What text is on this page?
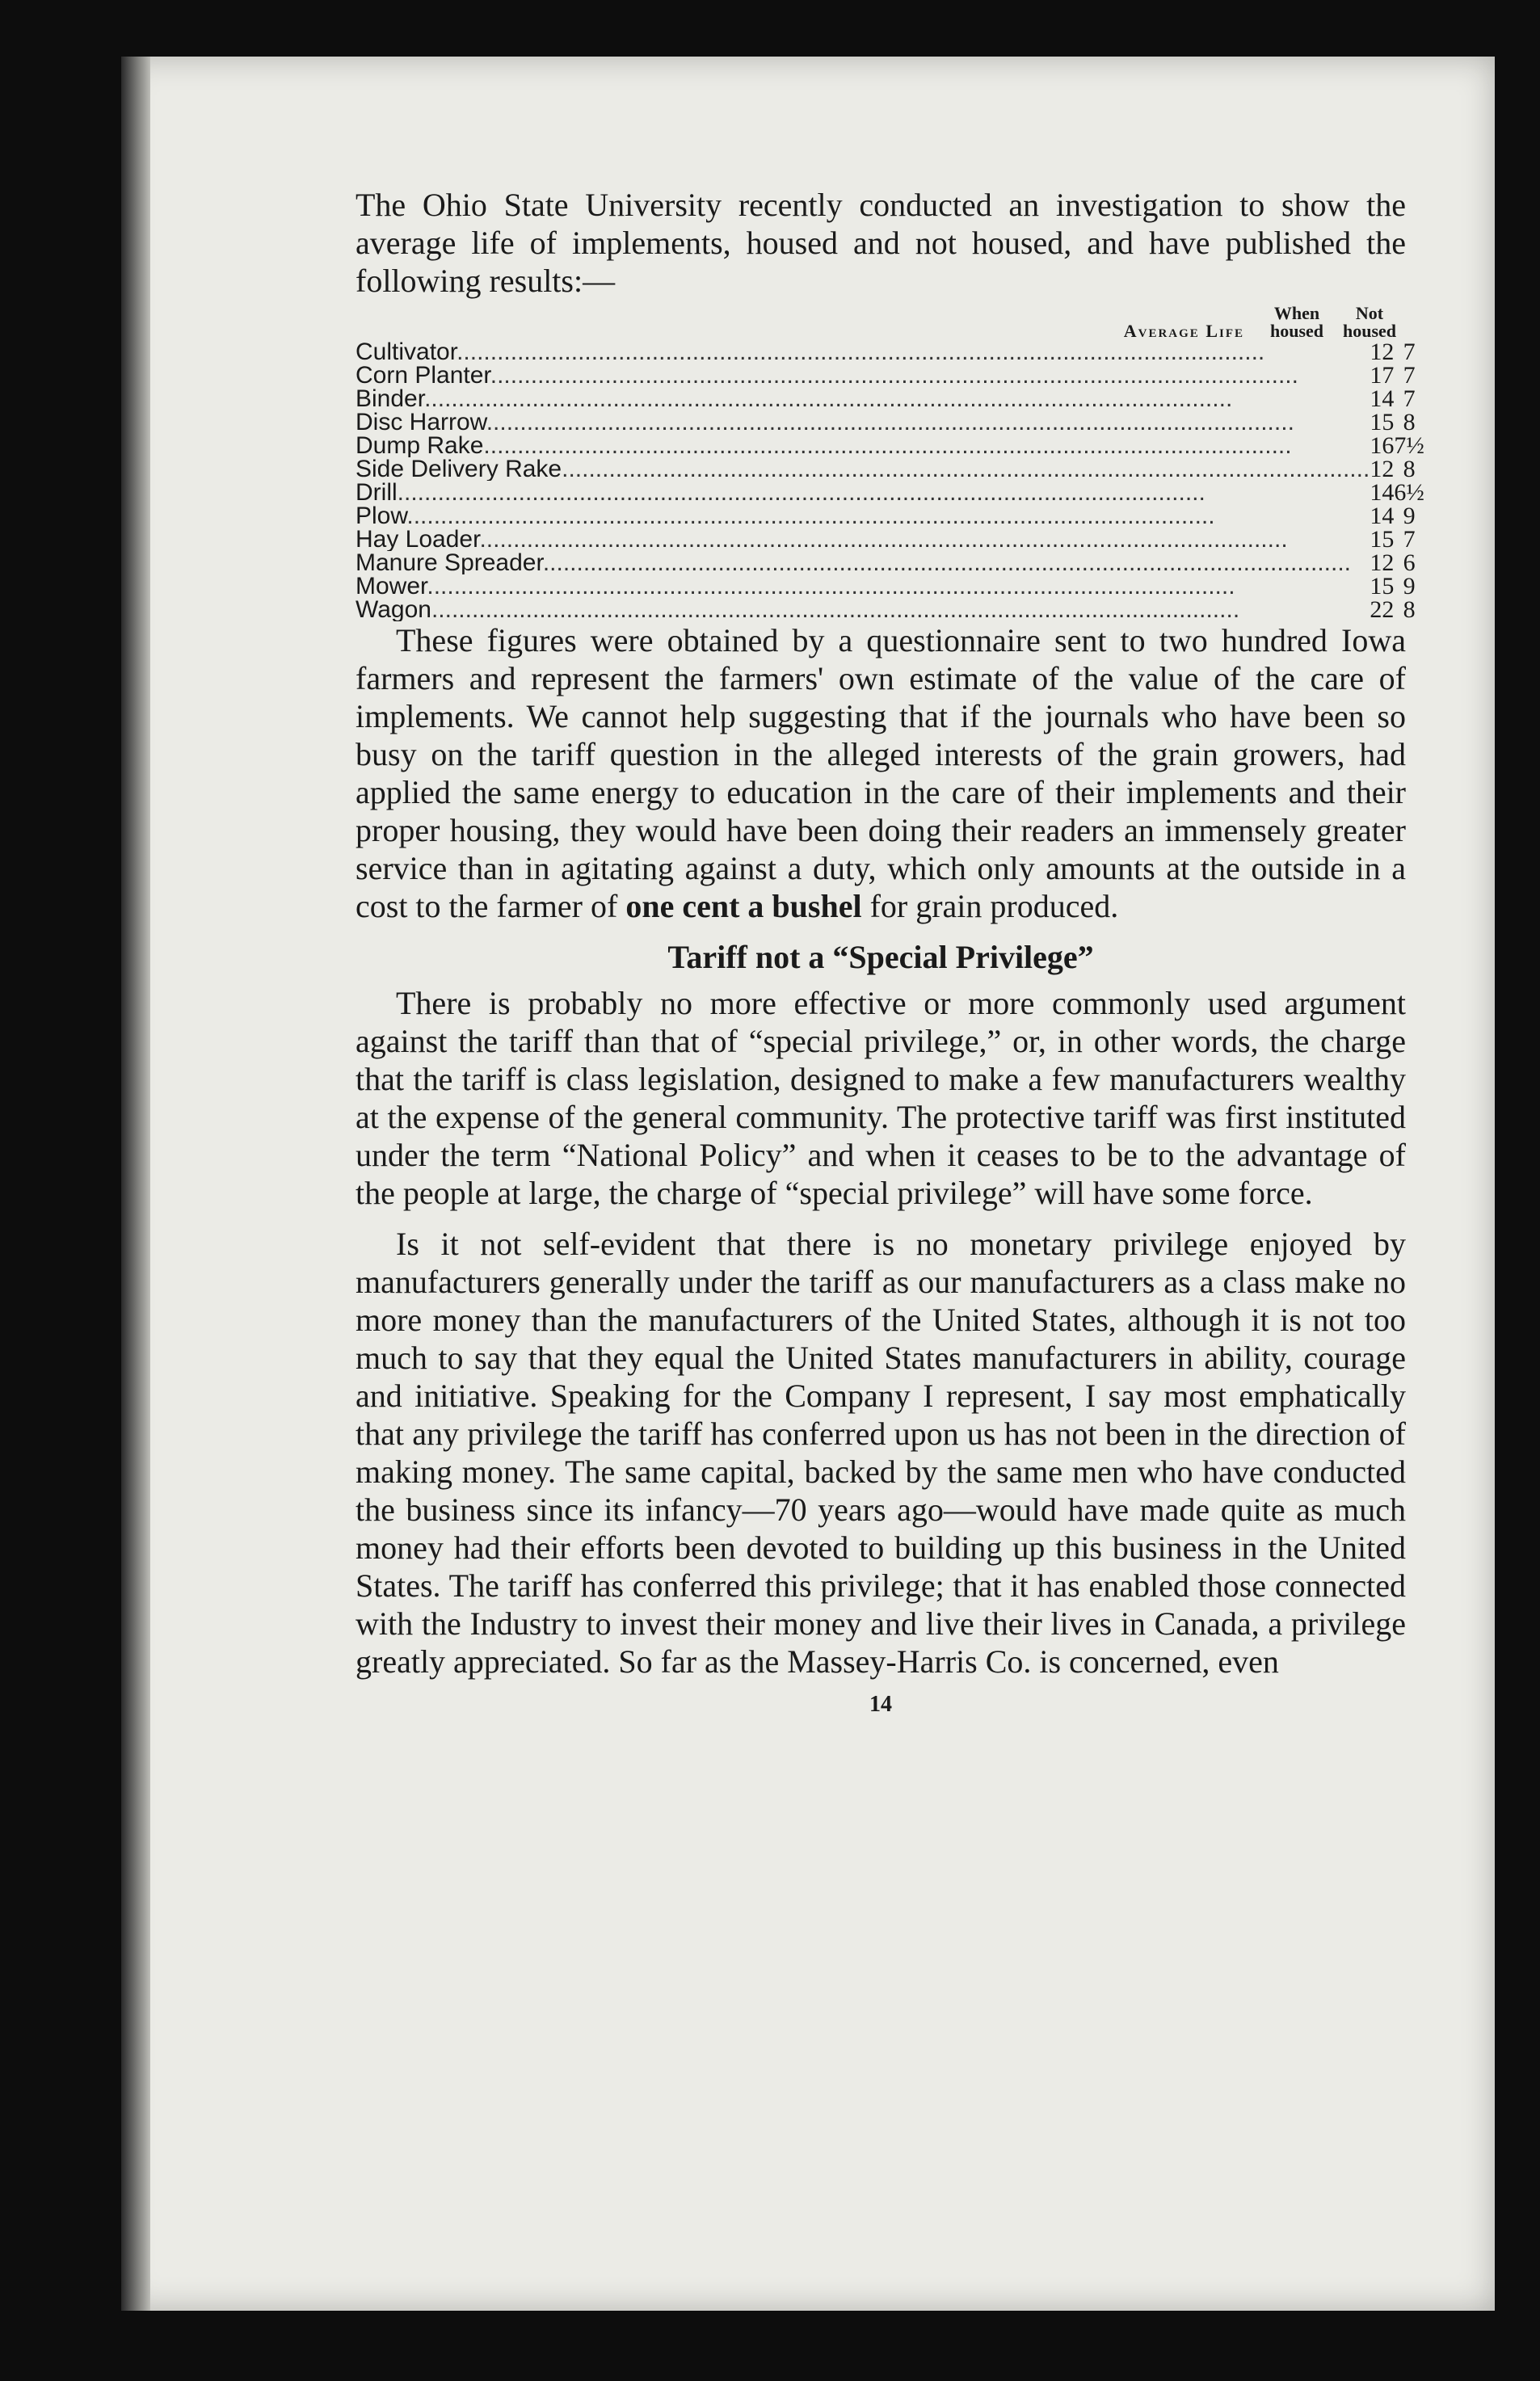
The Ohio State University recently conducted an investigation to show the average life of implements, housed and not housed, and have published the following results:—

Average Life
When housed
Not housed
Cultivator........................................................................................................................	12	7
Corn Planter........................................................................................................................	17	7
Binder........................................................................................................................	14	7
Disc Harrow........................................................................................................................	15	8
Dump Rake........................................................................................................................	16	7½
Side Delivery Rake........................................................................................................................	12	8
Drill........................................................................................................................	14	6½
Plow........................................................................................................................	14	9
Hay Loader........................................................................................................................	15	7
Manure Spreader........................................................................................................................	12	6
Mower........................................................................................................................	15	9
Wagon........................................................................................................................	22	8

These figures were obtained by a questionnaire sent to two hundred Iowa farmers and represent the farmers' own estimate of the value of the care of implements. We cannot help suggesting that if the journals who have been so busy on the tariff question in the alleged interests of the grain growers, had applied the same energy to education in the care of their implements and their proper housing, they would have been doing their readers an immensely greater service than in agitating against a duty, which only amounts at the outside in a cost to the farmer of one cent a bushel for grain produced.

Tariff not a “Special Privilege”

There is probably no more effective or more commonly used argument against the tariff than that of “special privilege,” or, in other words, the charge that the tariff is class legislation, designed to make a few manufacturers wealthy at the expense of the general community. The protective tariff was first instituted under the term “National Policy” and when it ceases to be to the advantage of the people at large, the charge of “special privilege” will have some force.

Is it not self-evident that there is no monetary privilege enjoyed by manufacturers generally under the tariff as our manufacturers as a class make no more money than the manufacturers of the United States, although it is not too much to say that they equal the United States manufacturers in ability, courage and initiative. Speaking for the Company I represent, I say most emphatically that any privilege the tariff has conferred upon us has not been in the direction of making money. The same capital, backed by the same men who have conducted the business since its infancy—70 years ago—would have made quite as much money had their efforts been devoted to building up this business in the United States. The tariff has conferred this privilege; that it has enabled those connected with the Industry to invest their money and live their lives in Canada, a privilege greatly appreciated. So far as the Massey-Harris Co. is concerned, even

14
